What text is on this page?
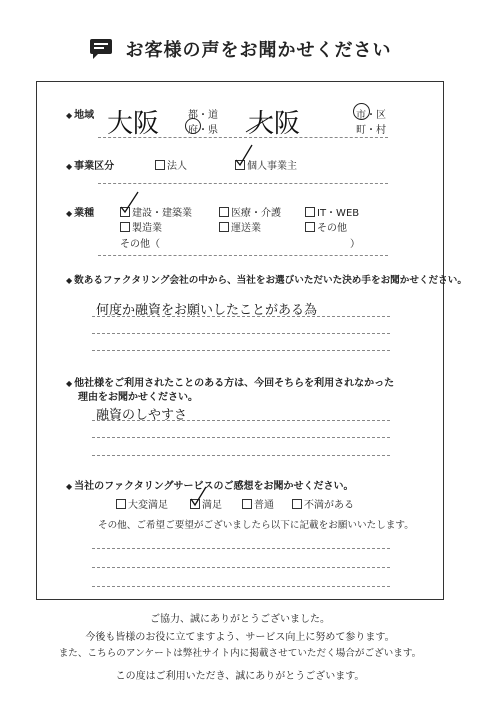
お客様の声をお聞かせください
◆ 地域 大阪	都・道
府・県 大阪	市・区
町・村
◆ 事業区分	法人	個人事業主
◆ 業種	建設・建築業	医療・介護	IT・WEB
製造業	運送業	その他
その他（	）
◆ 数あるファクタリング会社の中から、当社をお選びいただいた決め手をお聞かせください。
何度か融資をお願いしたことがある為
◆ 他社様をご利用されたことのある方は、今回そちらを利用されなかった
理由をお聞かせください。
融資のしやすさ
◆ 当社のファクタリングサービスのご感想をお聞かせください。
大変満足	満足	普通	不満がある
その他、ご希望ご要望がございましたら以下に記載をお願いいたします。
ご協力、誠にありがとうございました。
今後も皆様のお役に立てますよう、サービス向上に努めて参ります。
また、こちらのアンケートは弊社サイト内に掲載させていただく場合がございます。
この度はご利用いただき、誠にありがとうございます。
